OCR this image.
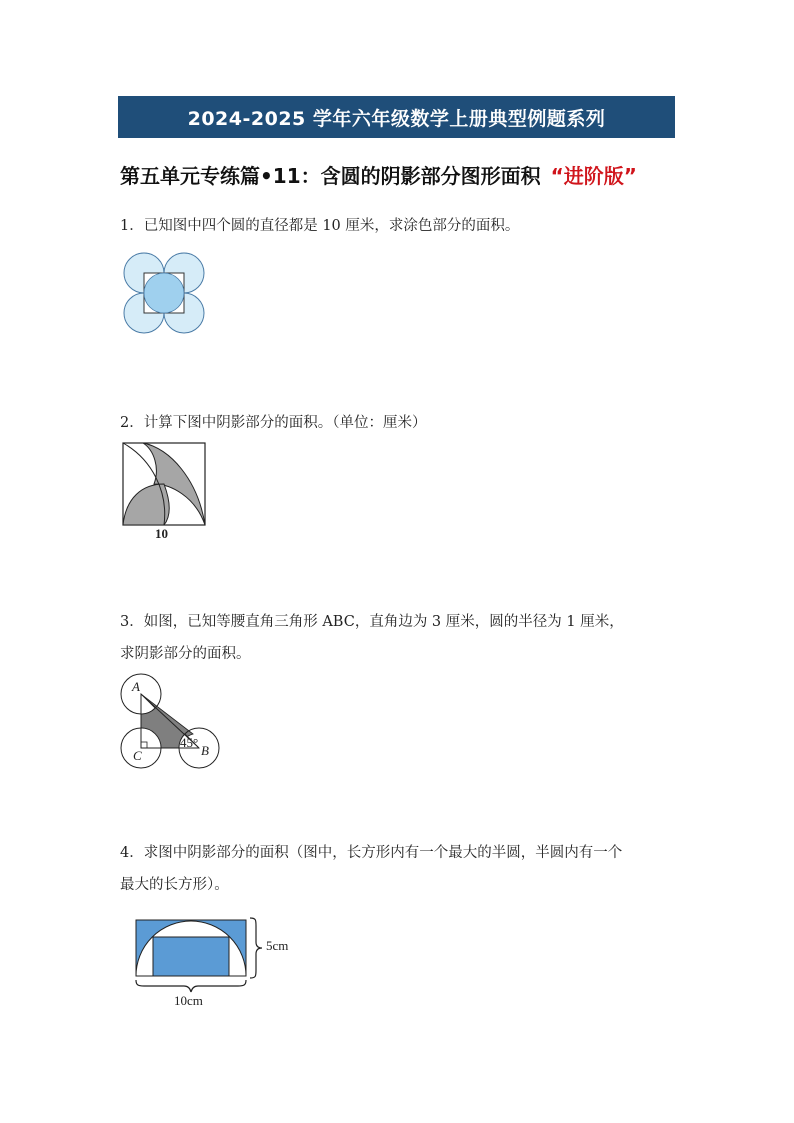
2024-2025 学年六年级数学上册典型例题系列
第五单元专练篇•11：含圆的阴影部分图形面积 “进阶版”
1．已知图中四个圆的直径都是 10 厘米，求涂色部分的面积。
2．计算下图中阴影部分的面积。（单位：厘米）
10
3．如图，已知等腰直角三角形 ABC，直角边为 3 厘米，圆的半径为 1 厘米，
求阴影部分的面积。
A
B
C
45°
4．求图中阴影部分的面积（图中，长方形内有一个最大的半圆，半圆内有一个
最大的长方形）。
5cm
10cm
